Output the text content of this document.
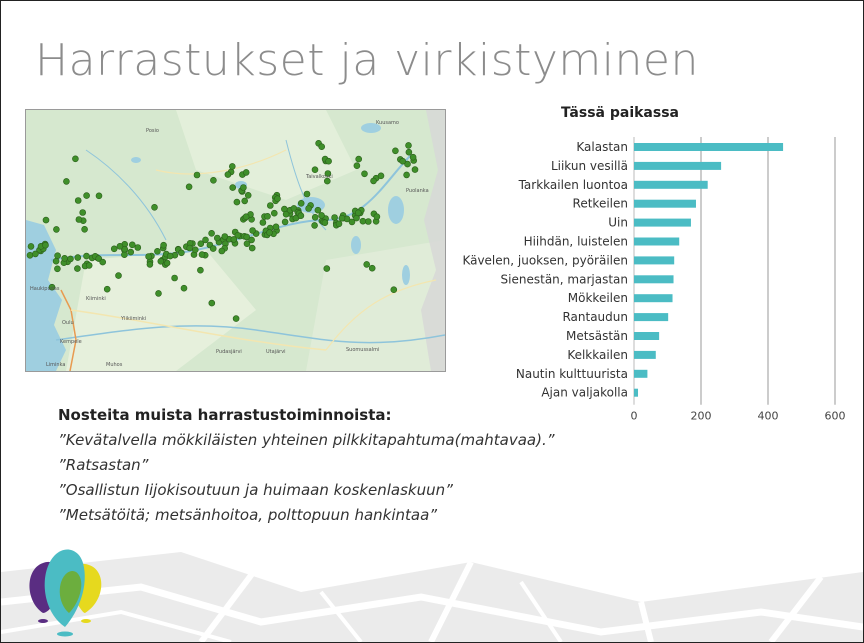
Harrastukset ja virkistyminen
Haukipudas
Kiiminki
Oulu
Kempele
Liminka	Muhos
Utajärvi
Pudasjärvi	Suomussalmi
Kuusamo
Taivalkoski
Posio
Ylikiiminki
Puolanka
Tässä paikassa
Kalastan
Liikun vesillä
Tarkkailen luontoa
Retkeilen
Uin
Hiihdän, luistelen
Kävelen, juoksen, pyöräilen
Sienestän, marjastan
Mökkeilen
Rantaudun
Metsästän
Kelkkailen
Nautin kulttuurista
Ajan valjakolla
0	200	400	600
Nosteita muista harrastustoiminnoista:

”Kevätalvella mökkiläisten yhteinen pilkkitapahtuma(mahtavaa).”

”Ratsastan”

”Osallistun Iijokisoutuun ja huimaan koskenlaskuun”

”Metsätöitä; metsänhoitoa, polttopuun hankintaa”
